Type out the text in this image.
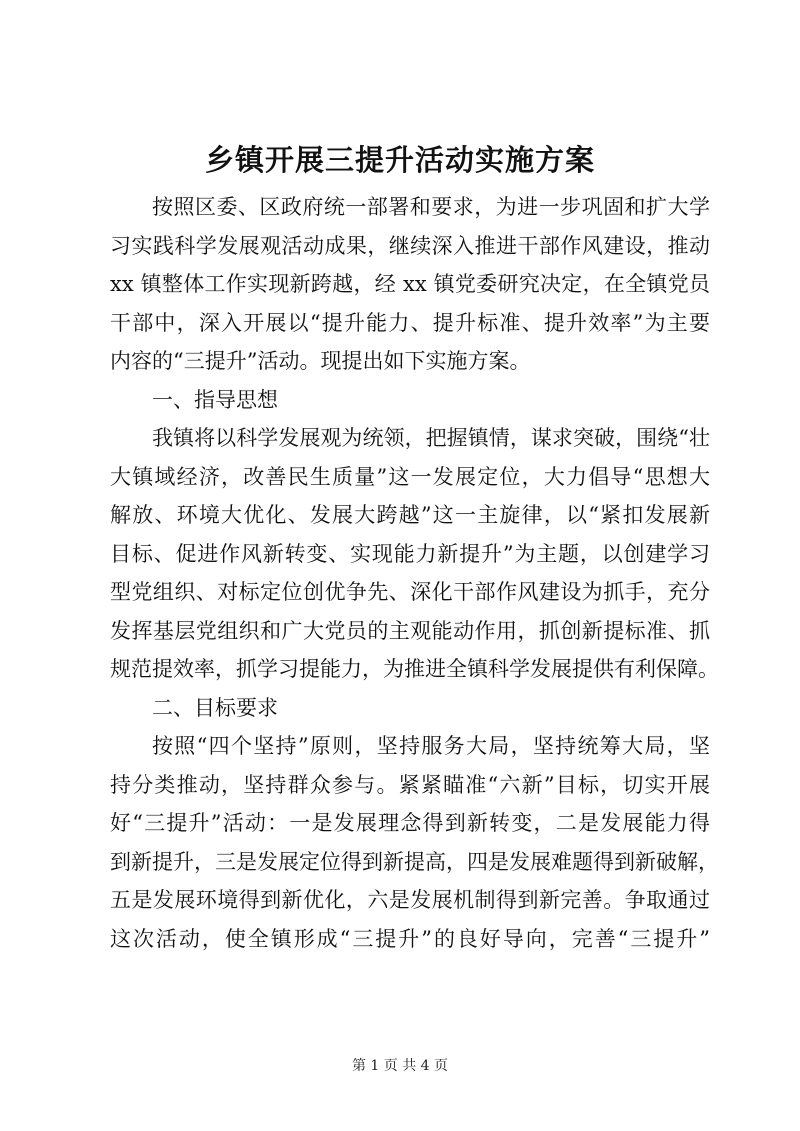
乡镇开展三提升活动实施方案
按照区委、区政府统一部署和要求，为进一步巩固和扩大学
习实践科学发展观活动成果，继续深入推进干部作风建设，推动
xx 镇整体工作实现新跨越，经 xx 镇党委研究决定，在全镇党员
干部中，深入开展以“提升能力、提升标准、提升效率”为主要
内容的“三提升”活动。现提出如下实施方案。
一、指导思想
我镇将以科学发展观为统领，把握镇情，谋求突破，围绕“壮
大镇域经济，改善民生质量”这一发展定位，大力倡导“思想大
解放、环境大优化、发展大跨越”这一主旋律，以“紧扣发展新
目标、促进作风新转变、实现能力新提升”为主题，以创建学习
型党组织、对标定位创优争先、深化干部作风建设为抓手，充分
发挥基层党组织和广大党员的主观能动作用，抓创新提标准、抓
规范提效率，抓学习提能力，为推进全镇科学发展提供有利保障。
二、目标要求
按照“四个坚持”原则，坚持服务大局，坚持统筹大局，坚
持分类推动，坚持群众参与。紧紧瞄准“六新”目标，切实开展
好“三提升”活动：一是发展理念得到新转变，二是发展能力得
到新提升，三是发展定位得到新提高，四是发展难题得到新破解，
五是发展环境得到新优化，六是发展机制得到新完善。争取通过
这次活动，使全镇形成“三提升”的良好导向，完善“三提升”
第 1 页 共 4 页
